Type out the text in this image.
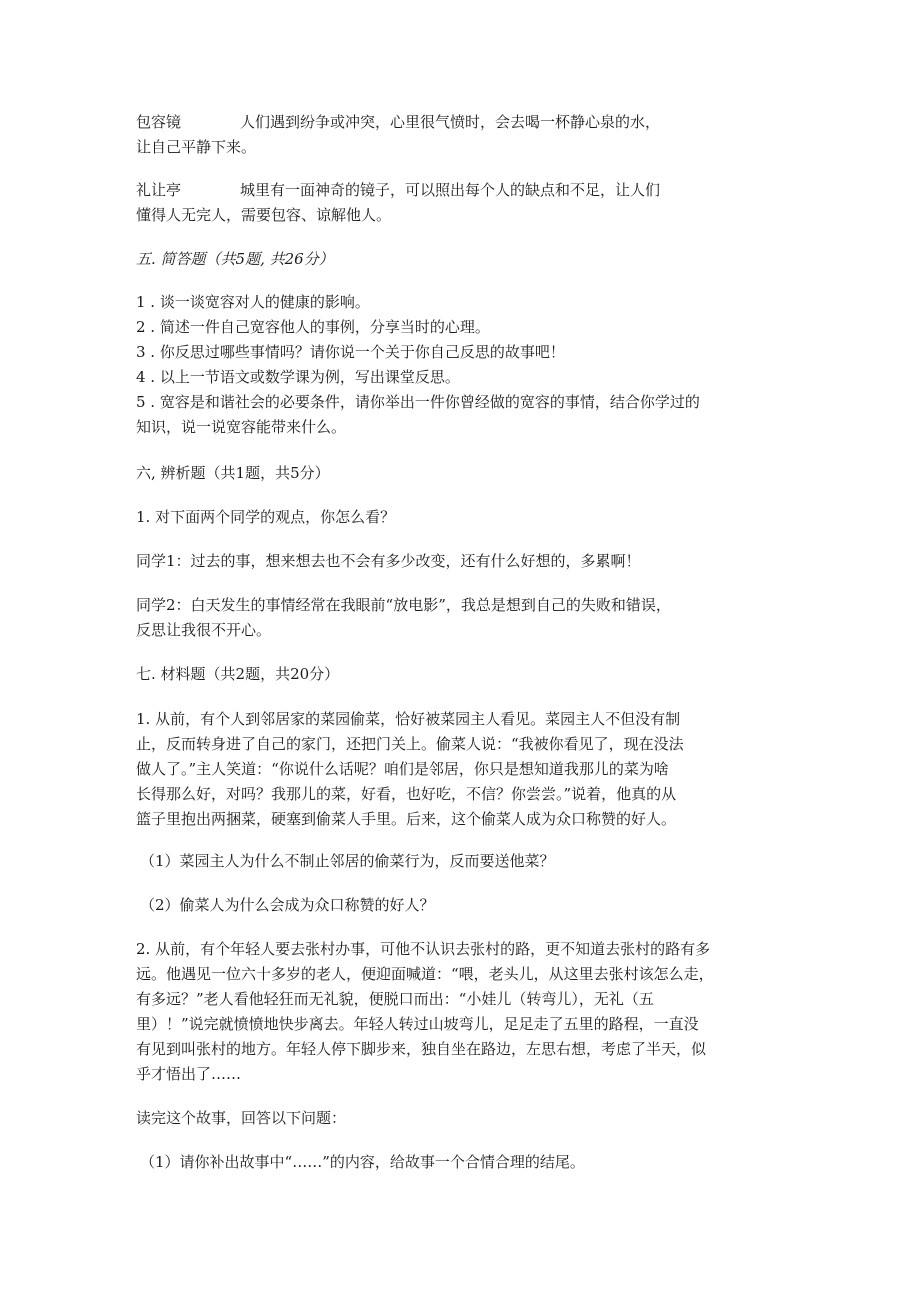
包容镜	人们遇到纷争或冲突，心里很气愤时，会去喝一杯静心泉的水，
让自己平静下来。
礼让亭	城里有一面神奇的镜子，可以照出每个人的缺点和不足，让人们
懂得人无完人，需要包容、谅解他人。
五. 简答题（共5题, 共26分）
1 . 谈一谈宽容对人的健康的影响。
2 . 简述一件自己宽容他人的事例，分享当时的心理。
3 . 你反思过哪些事情吗？请你说一个关于你自己反思的故事吧！
4 . 以上一节语文或数学课为例，写出课堂反思。
5 . 宽容是和谐社会的必要条件，请你举出一件你曾经做的宽容的事情，结合你学过的
知识，说一说宽容能带来什么。
六, 辨析题（共1题，共5分）
1. 对下面两个同学的观点，你怎么看？
同学1：过去的事，想来想去也不会有多少改变，还有什么好想的，多累啊！
同学2：白天发生的事情经常在我眼前“放电影”，我总是想到自己的失败和错误，
反思让我很不开心。
七. 材料题（共2题，共20分）
1. 从前，有个人到邻居家的菜园偷菜，恰好被菜园主人看见。菜园主人不但没有制
止，反而转身进了自己的家门，还把门关上。偷菜人说：“我被你看见了，现在没法
做人了。”主人笑道：“你说什么话呢？咱们是邻居，你只是想知道我那儿的菜为啥
长得那么好，对吗？我那儿的菜，好看，也好吃，不信？你尝尝。”说着，他真的从
篮子里抱出两捆菜，硬塞到偷菜人手里。后来，这个偷菜人成为众口称赞的好人。
（1）菜园主人为什么不制止邻居的偷菜行为，反而要送他菜？
（2）偷菜人为什么会成为众口称赞的好人？
2. 从前，有个年轻人要去张村办事，可他不认识去张村的路，更不知道去张村的路有多
远。他遇见一位六十多岁的老人，便迎面喊道：“喂，老头儿，从这里去张村该怎么走，
有多远？”老人看他轻狂而无礼貌，便脱口而出：“小娃儿（转弯儿），无礼（五
里）！”说完就愤愤地快步离去。年轻人转过山坡弯儿，足足走了五里的路程，一直没
有见到叫张村的地方。年轻人停下脚步来，独自坐在路边，左思右想，考虑了半天，似
乎才悟出了……
读完这个故事，回答以下问题：
（1）请你补出故事中“……”的内容，给故事一个合情合理的结尾。
